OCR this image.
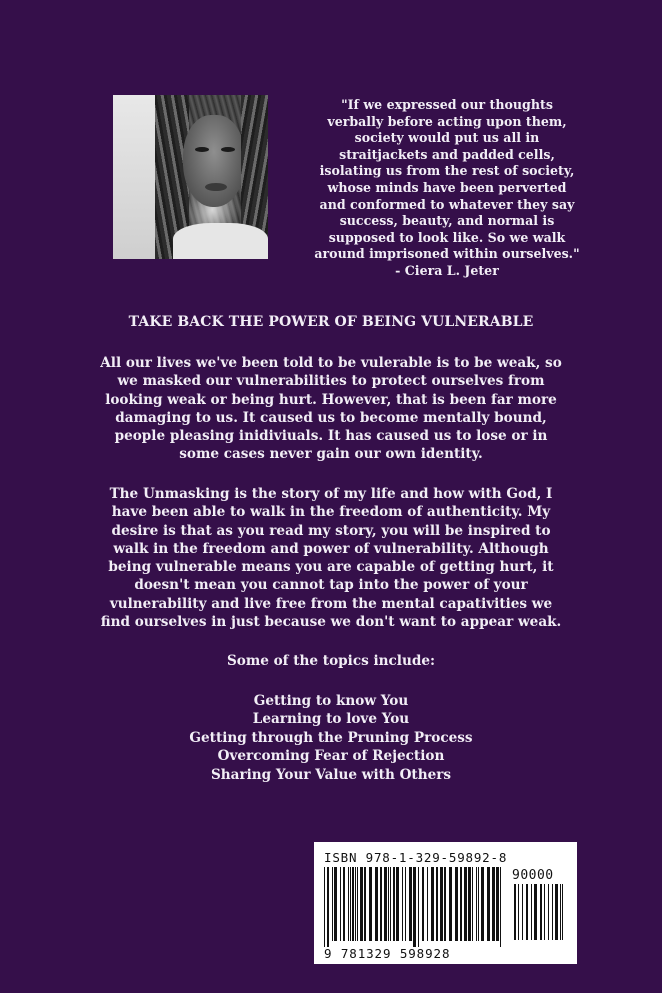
"If we expressed our thoughts
verbally before acting upon them,
society would put us all in
straitjackets and padded cells,
isolating us from the rest of society,
whose minds have been perverted
and conformed to whatever they say
success, beauty, and normal is
supposed to look like. So we walk
around imprisoned within ourselves."
- Ciera L. Jeter
TAKE BACK THE POWER OF BEING VULNERABLE
All our lives we've been told to be vulerable is to be weak, so
we masked our vulnerabilities to protect ourselves from
looking weak or being hurt. However, that is been far more
damaging to us. It caused us to become mentally bound,
people pleasing inidiviuals. It has caused us to lose or in
some cases never gain our own identity.
The Unmasking is the story of my life and how with God, I
have been able to walk in the freedom of authenticity. My
desire is that as you read my story, you will be inspired to
walk in the freedom and power of vulnerability. Although
being vulnerable means you are capable of getting hurt, it
doesn't mean you cannot tap into the power of your
vulnerability and live free from the mental capativities we
find ourselves in just because we don't want to appear weak.

Some of the topics include:

Getting to know You
Learning to love You
Getting through the Pruning Process
Overcoming Fear of Rejection
Sharing Your Value with Others

ISBN 978-1-329-59892-8

90000

9 781329 598928
